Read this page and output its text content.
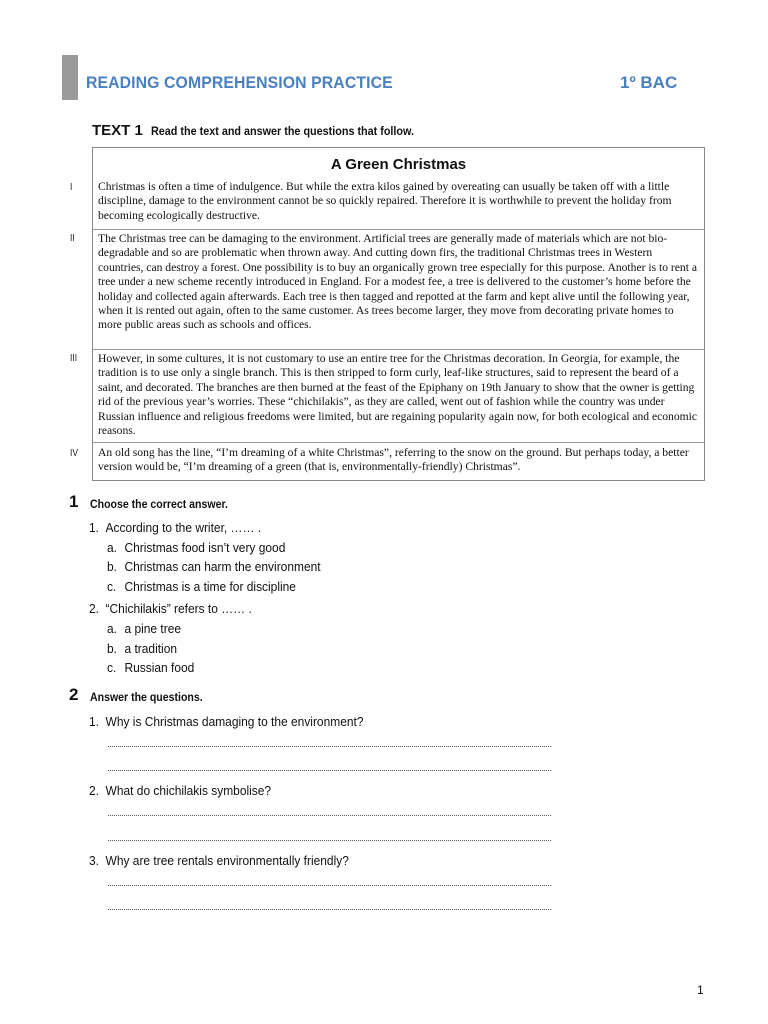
READING COMPREHENSION PRACTICE	1º BAC
TEXT 1 Read the text and answer the questions that follow.
I
II
III
IV
A Green Christmas
Christmas is often a time of indulgence. But while the extra kilos gained by overeating can usually be taken off with a little discipline, damage to the environment cannot be so quickly repaired. Therefore it is worthwhile to prevent the holiday from becoming ecologically destructive.
The Christmas tree can be damaging to the environment. Artificial trees are generally made of materials which are not bio-degradable and so are problematic when thrown away. And cutting down firs, the traditional Christmas trees in Western countries, can destroy a forest. One possibility is to buy an organically grown tree especially for this purpose. Another is to rent a tree under a new scheme recently introduced in England. For a modest fee, a tree is delivered to the customer’s home before the holiday and collected again afterwards. Each tree is then tagged and repotted at the farm and kept alive until the following year, when it is rented out again, often to the same customer. As trees become larger, they move from decorating private homes to more public areas such as schools and offices.
However, in some cultures, it is not customary to use an entire tree for the Christmas decoration. In Georgia, for example, the tradition is to use only a single branch. This is then stripped to form curly, leaf-like structures, said to represent the beard of a saint, and decorated. The branches are then burned at the feast of the Epiphany on 19th January to show that the owner is getting rid of the previous year’s worries. These “chichilakis”, as they are called, went out of fashion while the country was under Russian influence and religious freedoms were limited, but are regaining popularity again now, for both ecological and economic reasons.
An old song has the line, “I’m dreaming of a white Christmas”, referring to the snow on the ground. But perhaps today, a better version would be, “I’m dreaming of a green (that is, environmentally-friendly) Christmas”.
1 Choose the correct answer.
1. According to the writer, …… .
a. Christmas food isn’t very good
b. Christmas can harm the environment
c. Christmas is a time for discipline
2. “Chichilakis” refers to …… .
a. a pine tree
b. a tradition
c. Russian food
2 Answer the questions.
1. Why is Christmas damaging to the environment?
2. What do chichilakis symbolise?
3. Why are tree rentals environmentally friendly?
1
